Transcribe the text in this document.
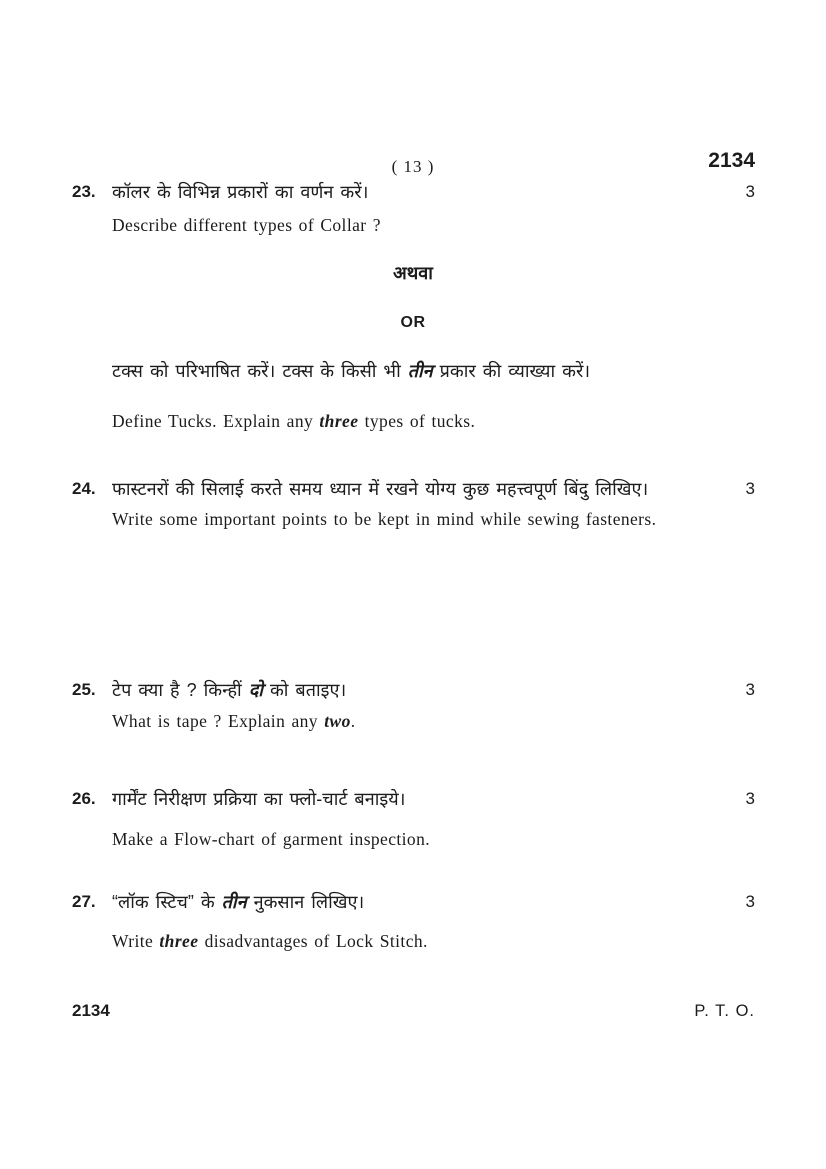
( 13 )	2134
23. कॉलर के विभिन्न प्रकारों का वर्णन करें।	3
Describe different types of Collar ?
अथवा
OR
टक्स को परिभाषित करें। टक्स के किसी भी तीन प्रकार की व्याख्या करें।
Define Tucks. Explain any three types of tucks.
24. फास्टनरों की सिलाई करते समय ध्यान में रखने योग्य कुछ महत्त्वपूर्ण बिंदु लिखिए।	3
Write some important points to be kept in mind while sewing fasteners.
25. टेप क्या है ? किन्हीं दो को बताइए।	3
What is tape ? Explain any two.
26. गार्मेंट निरीक्षण प्रक्रिया का फ्लो-चार्ट बनाइये।	3
Make a Flow-chart of garment inspection.
27. “लॉक स्टिच” के तीन नुकसान लिखिए।	3
Write three disadvantages of Lock Stitch.
2134	P. T. O.
